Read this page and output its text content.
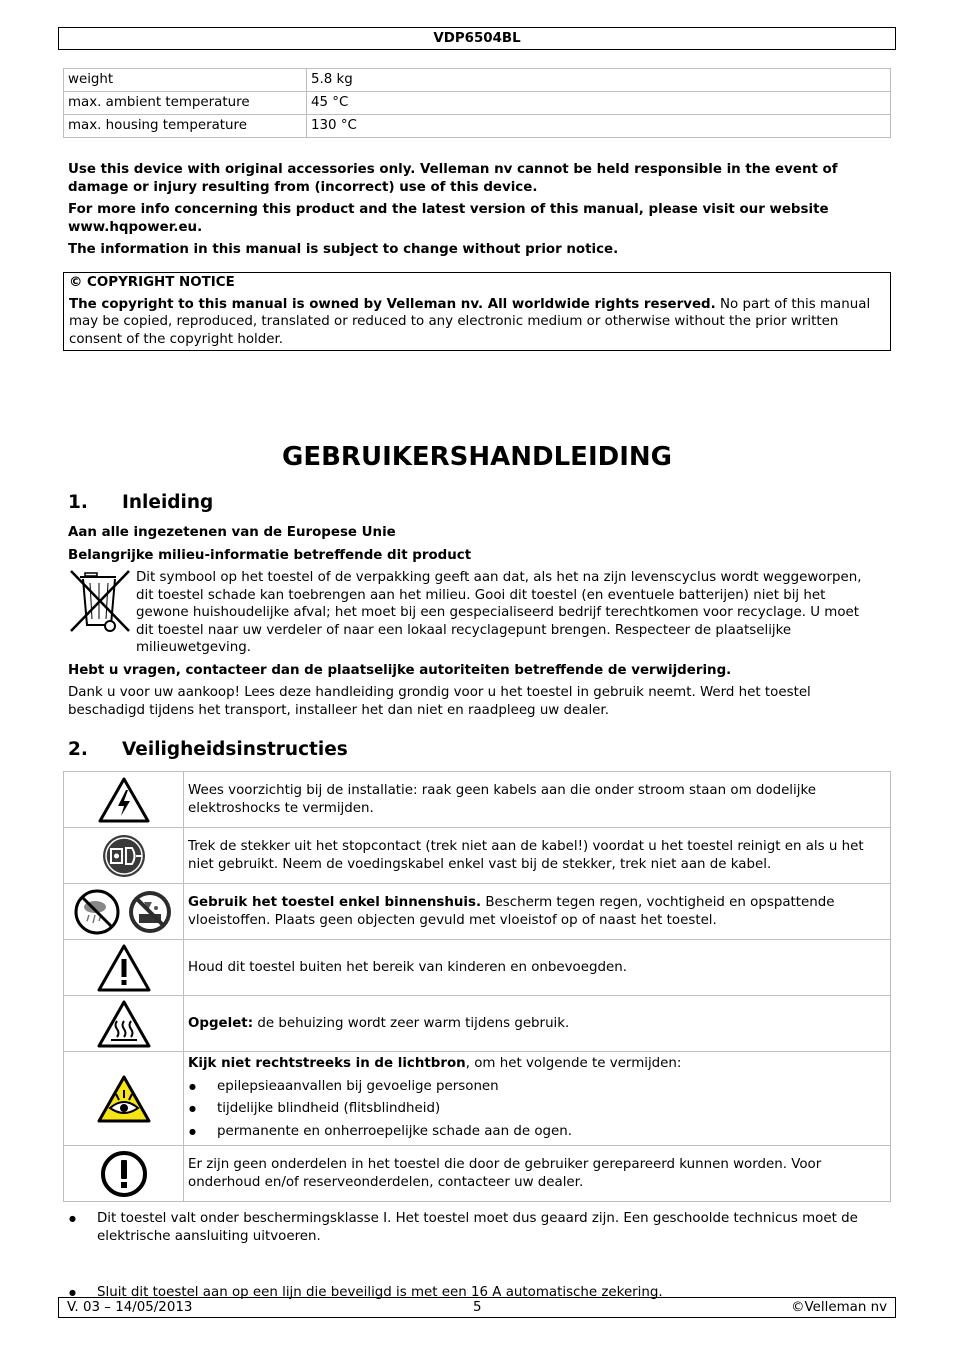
VDP6504BL
weight	5.8 kg
max. ambient temperature	45 °C
max. housing temperature	130 °C
Use this device with original accessories only. Velleman nv cannot be held responsible in the event of damage or injury resulting from (incorrect) use of this device.
For more info concerning this product and the latest version of this manual, please visit our website www.hqpower.eu.
The information in this manual is subject to change without prior notice.
© COPYRIGHT NOTICE
The copyright to this manual is owned by Velleman nv. All worldwide rights reserved. No part of this manual may be copied, reproduced, translated or reduced to any electronic medium or otherwise without the prior written consent of the copyright holder.
GEBRUIKERSHANDLEIDING
1. Inleiding
Aan alle ingezetenen van de Europese Unie
Belangrijke milieu-informatie betreffende dit product
Dit symbool op het toestel of de verpakking geeft aan dat, als het na zijn levenscyclus wordt weggeworpen, dit toestel schade kan toebrengen aan het milieu. Gooi dit toestel (en eventuele batterijen) niet bij het gewone huishoudelijke afval; het moet bij een gespecialiseerd bedrijf terechtkomen voor recyclage. U moet dit toestel naar uw verdeler of naar een lokaal recyclagepunt brengen. Respecteer de plaatselijke milieuwetgeving.
Hebt u vragen, contacteer dan de plaatselijke autoriteiten betreffende de verwijdering.
Dank u voor uw aankoop! Lees deze handleiding grondig voor u het toestel in gebruik neemt. Werd het toestel beschadigd tijdens het transport, installeer het dan niet en raadpleeg uw dealer.
2. Veiligheidsinstructies
	Wees voorzichtig bij de installatie: raak geen kabels aan die onder stroom staan om dodelijke elektroshocks te vermijden.
	Trek de stekker uit het stopcontact (trek niet aan de kabel!) voordat u het toestel reinigt en als u het niet gebruikt. Neem de voedingskabel enkel vast bij de stekker, trek niet aan de kabel.
	Gebruik het toestel enkel binnenshuis. Bescherm tegen regen, vochtigheid en opspattende vloeistoffen. Plaats geen objecten gevuld met vloeistof op of naast het toestel.
	Houd dit toestel buiten het bereik van kinderen en onbevoegden.
	Opgelet: de behuizing wordt zeer warm tijdens gebruik.

Kijk niet rechtstreeks in de lichtbron, om het volgende te vermijden:
● epilepsieaanvallen bij gevoelige personen
● tijdelijke blindheid (flitsblindheid)
● permanente en onherroepelijke schade aan de ogen.

	Er zijn geen onderdelen in het toestel die door de gebruiker gerepareerd kunnen worden. Voor onderhoud en/of reserveonderdelen, contacteer uw dealer.
● Dit toestel valt onder beschermingsklasse I. Het toestel moet dus geaard zijn. Een geschoolde technicus moet de elektrische aansluiting uitvoeren.
● Sluit dit toestel aan op een lijn die beveiligd is met een 16 A automatische zekering.
V. 03 – 14/05/2013	5	©Velleman nv
